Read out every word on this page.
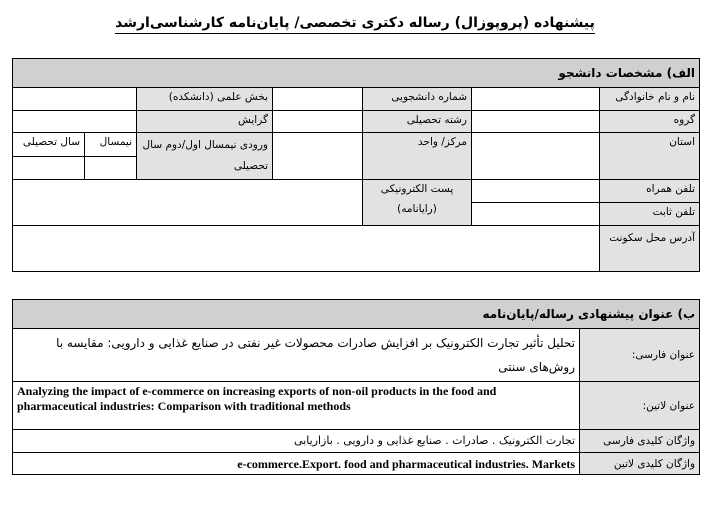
پیشنهاده (پروپوزال) رساله دکتری تخصصی/ پایان‌نامه کارشناسی‌ارشد
الف) مشخصات دانشجو						
نام و نام خانوادگی		شماره دانشجویی		بخش علمی (دانشکده)		
گروه		رشته تحصیلی		گرایش		
استان		مرکز/ واحد		ورودی نیمسال اول/دوم سال تحصیلی	نیمسال	سال تحصیلی

تلفن همراه		پست الکترونیکی
(رایانامه)				

تلفن ثابت						
آدرس محل سکونت						
ب) عنوان پیشنهادی رساله/پایان‌نامه	
عنوان فارسی:	تحلیل تأثیر تجارت الکترونیک بر افزایش صادرات محصولات غیر نفتی در صنایع غذایی و دارویی: مقایسه با روش‌های سنتی
عنوان لاتین:	Analyzing the impact of e-commerce on increasing exports of non-oil products in the food and pharmaceutical industries: Comparison with traditional methods
واژگان کلیدی فارسی	تجارت الکترونیک . صادرات . صنایع غذایی و دارویی . بازاریابی
واژگان کلیدی لاتین	e-commerce.Export. food and pharmaceutical industries. Markets
